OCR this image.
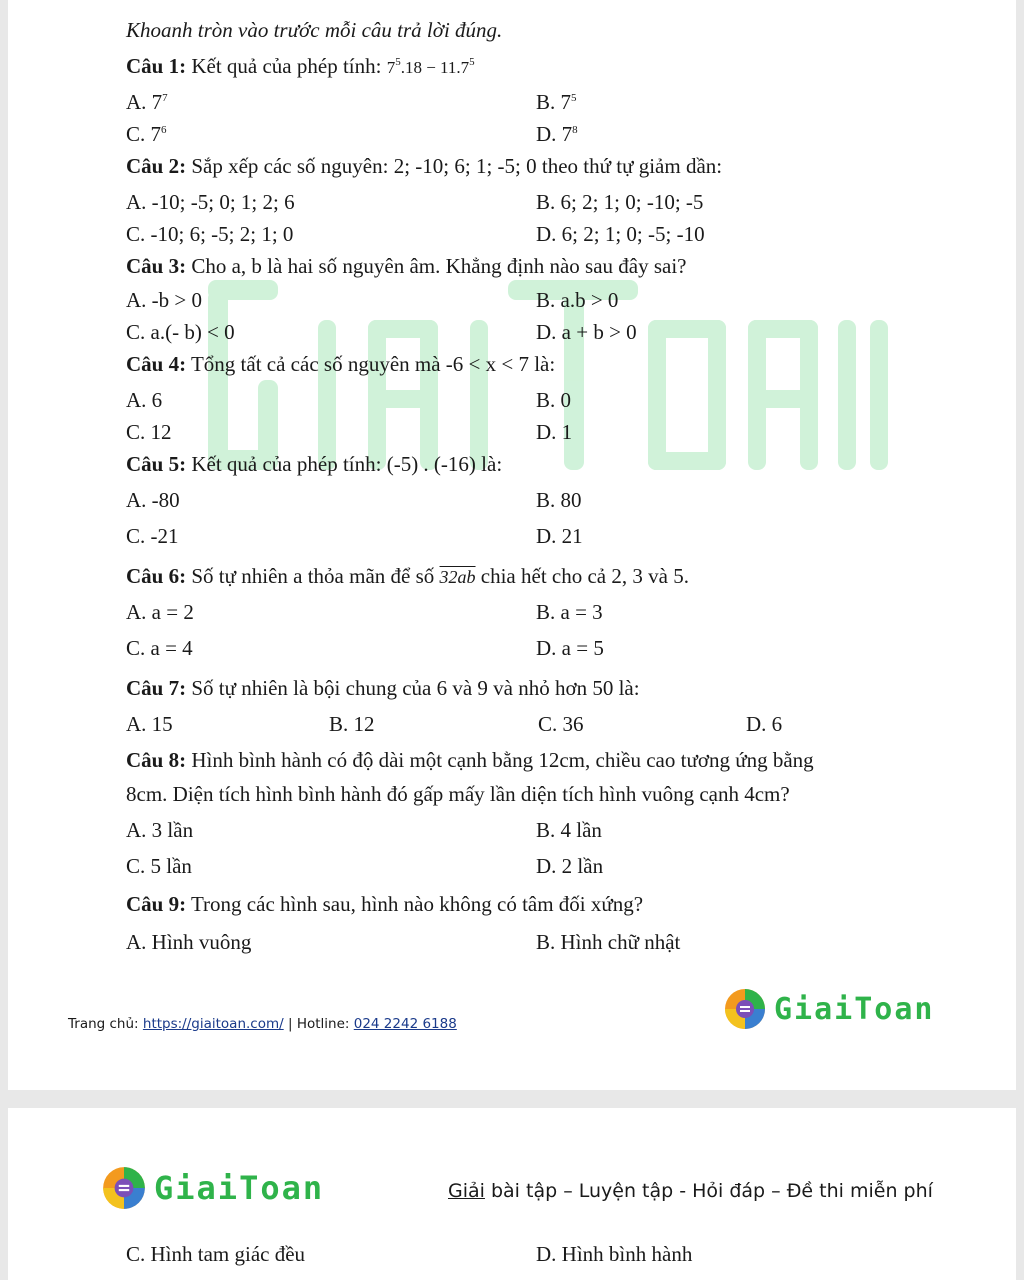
Khoanh tròn vào trước mỗi câu trả lời đúng.
Câu 1: Kết quả của phép tính: $7^5.18 - 11.7^5$
A. $7^7$	B. $7^5$
C. $7^6$	D. $7^8$
Câu 2: Sắp xếp các số nguyên: 2; -10; 6; 1; -5; 0 theo thứ tự giảm dần:
A. -10; -5; 0; 1; 2; 6	B. 6; 2; 1; 0; -10; -5
C. -10; 6; -5; 2; 1; 0	D. 6; 2; 1; 0; -5; -10
Câu 3: Cho a, b là hai số nguyên âm. Khẳng định nào sau đây sai?
A. -b > 0	B. a.b > 0
C. a.(- b) < 0	D. a + b > 0
Câu 4: Tổng tất cả các số nguyên mà -6 < x < 7 là:
A. 6	B. 0
C. 12	D. 1
Câu 5: Kết quả của phép tính: (-5) . (-16) là:
A. -80	B. 80
C. -21	D. 21
Câu 6: Số tự nhiên a thỏa mãn để số 32ab chia hết cho cả 2, 3 và 5.
A. a = 2	B. a = 3
C. a = 4	D. a = 5
Câu 7: Số tự nhiên là bội chung của 6 và 9 và nhỏ hơn 50 là:
A. 15	B. 12	C. 36	D. 6
Câu 8: Hình bình hành có độ dài một cạnh bằng 12cm, chiều cao tương ứng bằng
8cm. Diện tích hình bình hành đó gấp mấy lần diện tích hình vuông cạnh 4cm?
A. 3 lần	B. 4 lần
C. 5 lần	D. 2 lần
Câu 9: Trong các hình sau, hình nào không có tâm đối xứng?
A. Hình vuông	B. Hình chữ nhật
Trang chủ: https://giaitoan.com/ | Hotline: 024 2242 6188	GiaiToan
GiaiToan	Giải bài tập – Luyện tập - Hỏi đáp – Đề thi miễn phí
C. Hình tam giác đều	D. Hình bình hành
